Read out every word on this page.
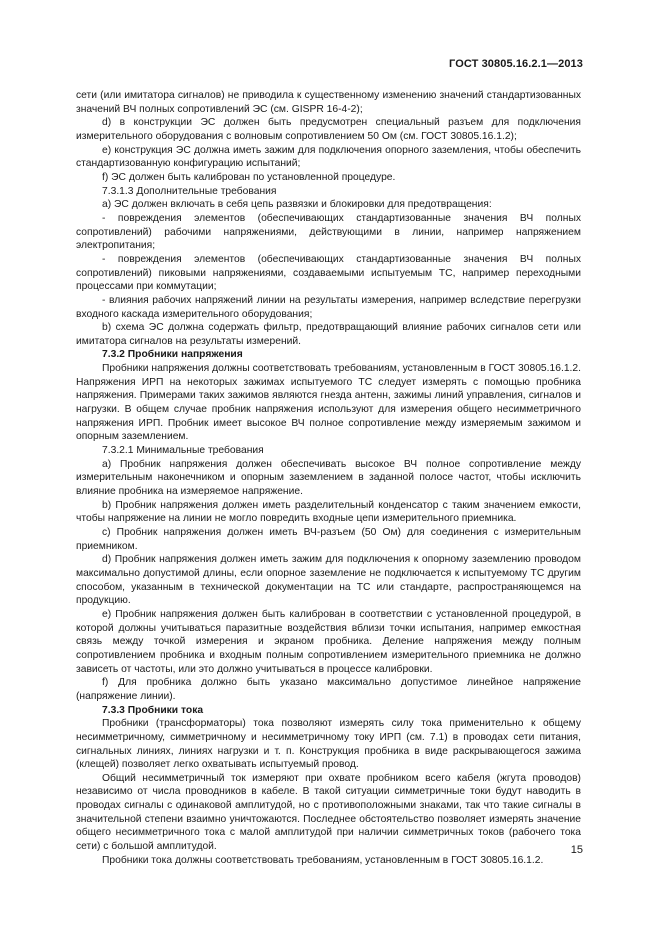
ГОСТ 30805.16.2.1—2013

сети (или имитатора сигналов) не приводила к существенному изменению значений стандартизованных значений ВЧ полных сопротивлений ЭС (см. GISPR 16-4-2);

d) в конструкции ЭС должен быть предусмотрен специальный разъем для подключения измерительного оборудования с волновым сопротивлением 50 Ом (см. ГОСТ 30805.16.1.2);

е) конструкция ЭС должна иметь зажим для подключения опорного заземления, чтобы обеспечить стандартизованную конфигурацию испытаний;

f) ЭС должен быть калиброван по установленной процедуре.

7.3.1.3 Дополнительные требования

а) ЭС должен включать в себя цепь развязки и блокировки для предотвращения:

- повреждения элементов (обеспечивающих стандартизованные значения ВЧ полных сопротивлений) рабочими напряжениями, действующими в линии, например напряжением электропитания;

- повреждения элементов (обеспечивающих стандартизованные значения ВЧ полных сопротивлений) пиковыми напряжениями, создаваемыми испытуемым ТС, например переходными процессами при коммутации;

- влияния рабочих напряжений линии на результаты измерения, например вследствие перегрузки входного каскада измерительного оборудования;

b) схема ЭС должна содержать фильтр, предотвращающий влияние рабочих сигналов сети или имитатора сигналов на результаты измерений.

7.3.2 Пробники напряжения

Пробники напряжения должны соответствовать требованиям, установленным в ГОСТ 30805.16.1.2. Напряжения ИРП на некоторых зажимах испытуемого ТС следует измерять с помощью пробника напряжения. Примерами таких зажимов являются гнезда антенн, зажимы линий управления, сигналов и нагрузки. В общем случае пробник напряжения используют для измерения общего несимметричного напряжения ИРП. Пробник имеет высокое ВЧ полное сопротивление между измеряемым зажимом и опорным заземлением.

7.3.2.1 Минимальные требования

а) Пробник напряжения должен обеспечивать высокое ВЧ полное сопротивление между измерительным наконечником и опорным заземлением в заданной полосе частот, чтобы исключить влияние пробника на измеряемое напряжение.

b) Пробник напряжения должен иметь разделительный конденсатор с таким значением емкости, чтобы напряжение на линии не могло повредить входные цепи измерительного приемника.

с) Пробник напряжения должен иметь ВЧ-разъем (50 Ом) для соединения с измерительным приемником.

d) Пробник напряжения должен иметь зажим для подключения к опорному заземлению проводом максимально допустимой длины, если опорное заземление не подключается к испытуемому ТС другим способом, указанным в технической документации на ТС или стандарте, распространяющемся на продукцию.

е) Пробник напряжения должен быть калиброван в соответствии с установленной процедурой, в которой должны учитываться паразитные воздействия вблизи точки испытания, например емкостная связь между точкой измерения и экраном пробника. Деление напряжения между полным сопротивлением пробника и входным полным сопротивлением измерительного приемника не должно зависеть от частоты, или это должно учитываться в процессе калибровки.

f) Для пробника должно быть указано максимально допустимое линейное напряжение (напряжение линии).

7.3.3 Пробники тока

Пробники (трансформаторы) тока позволяют измерять силу тока применительно к общему несимметричному, симметричному и несимметричному току ИРП (см. 7.1) в проводах сети питания, сигнальных линиях, линиях нагрузки и т. п. Конструкция пробника в виде раскрывающегося зажима (клещей) позволяет легко охватывать испытуемый провод.

Общий несимметричный ток измеряют при охвате пробником всего кабеля (жгута проводов) независимо от числа проводников в кабеле. В такой ситуации симметричные токи будут наводить в проводах сигналы с одинаковой амплитудой, но с противоположными знаками, так что такие сигналы в значительной степени взаимно уничтожаются. Последнее обстоятельство позволяет измерять значение общего несимметричного тока с малой амплитудой при наличии симметричных токов (рабочего тока сети) с большой амплитудой.

Пробники тока должны соответствовать требованиям, установленным в ГОСТ 30805.16.1.2.

15
